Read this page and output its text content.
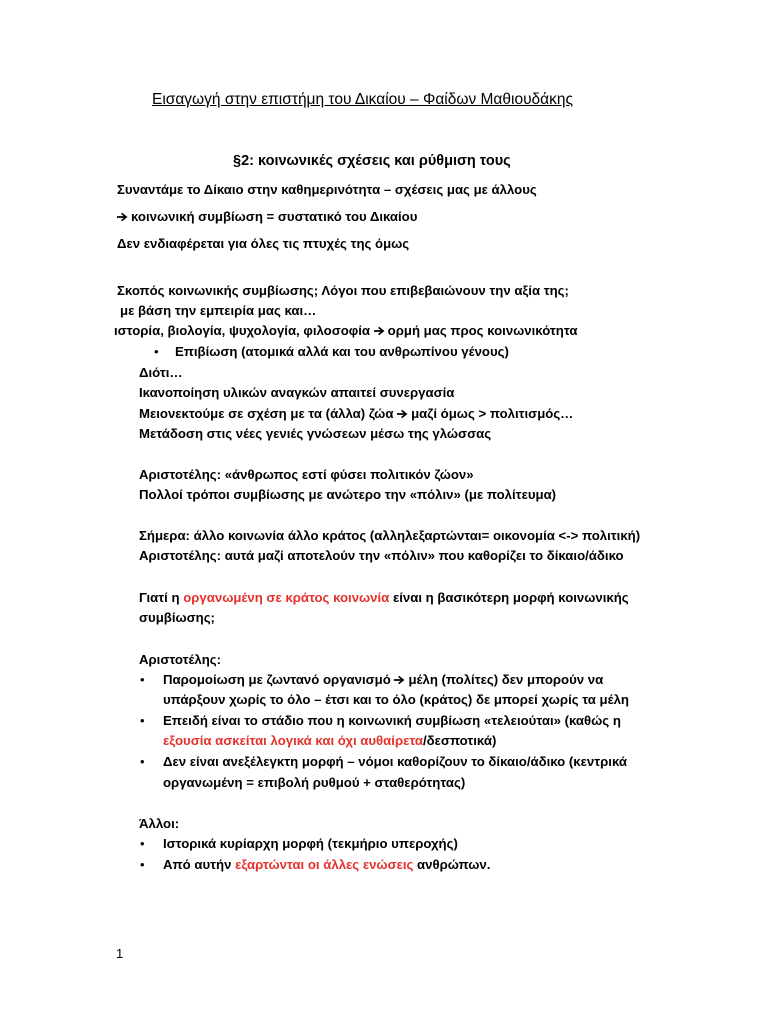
Εισαγωγή στην επιστήμη του Δικαίου – Φαίδων Μαθιουδάκης
§2: κοινωνικές σχέσεις και ρύθμιση τους
Συναντάμε το Δίκαιο στην καθημερινότητα – σχέσεις μας με άλλους
κοινωνική συμβίωση = συστατικό του Δικαίου
Δεν ενδιαφέρεται για όλες τις πτυχές της όμως
Σκοπός κοινωνικής συμβίωσης; Λόγοι που επιβεβαιώνουν την αξία της;
με βάση την εμπειρία μας και…
ιστορία, βιολογία, ψυχολογία, φιλοσοφία ορμή μας προς κοινωνικότητα
• Επιβίωση (ατομικά αλλά και του ανθρωπίνου γένους)
Διότι…
Ικανοποίηση υλικών αναγκών απαιτεί συνεργασία
Μειονεκτούμε σε σχέση με τα (άλλα) ζώα μαζί όμως > πολιτισμός…
Μετάδοση στις νέες γενιές γνώσεων μέσω της γλώσσας
Αριστοτέλης: «άνθρωπος εστί φύσει πολιτικόν ζώον»
Πολλοί τρόποι συμβίωσης με ανώτερο την «πόλιν» (με πολίτευμα)
Σήμερα: άλλο κοινωνία άλλο κράτος (αλληλεξαρτώνται= οικονομία <-> πολιτική)
Αριστοτέλης: αυτά μαζί αποτελούν την «πόλιν» που καθορίζει το δίκαιο/άδικο
Γιατί η οργανωμένη σε κράτος κοινωνία είναι η βασικότερη μορφή κοινωνικής
συμβίωσης;
Αριστοτέλης:
• Παρομοίωση με ζωντανό οργανισμό μέλη (πολίτες) δεν μπορούν να
υπάρξουν χωρίς το όλο – έτσι και το όλο (κράτος) δε μπορεί χωρίς τα μέλη
• Επειδή είναι το στάδιο που η κοινωνική συμβίωση «τελειούται» (καθώς η
εξουσία ασκείται λογικά και όχι αυθαίρετα/δεσποτικά)
• Δεν είναι ανεξέλεγκτη μορφή – νόμοι καθορίζουν το δίκαιο/άδικο (κεντρικά
οργανωμένη = επιβολή ρυθμού + σταθερότητας)
Άλλοι:
• Ιστορικά κυρίαρχη μορφή (τεκμήριο υπεροχής)
• Από αυτήν εξαρτώνται οι άλλες ενώσεις ανθρώπων.
1
